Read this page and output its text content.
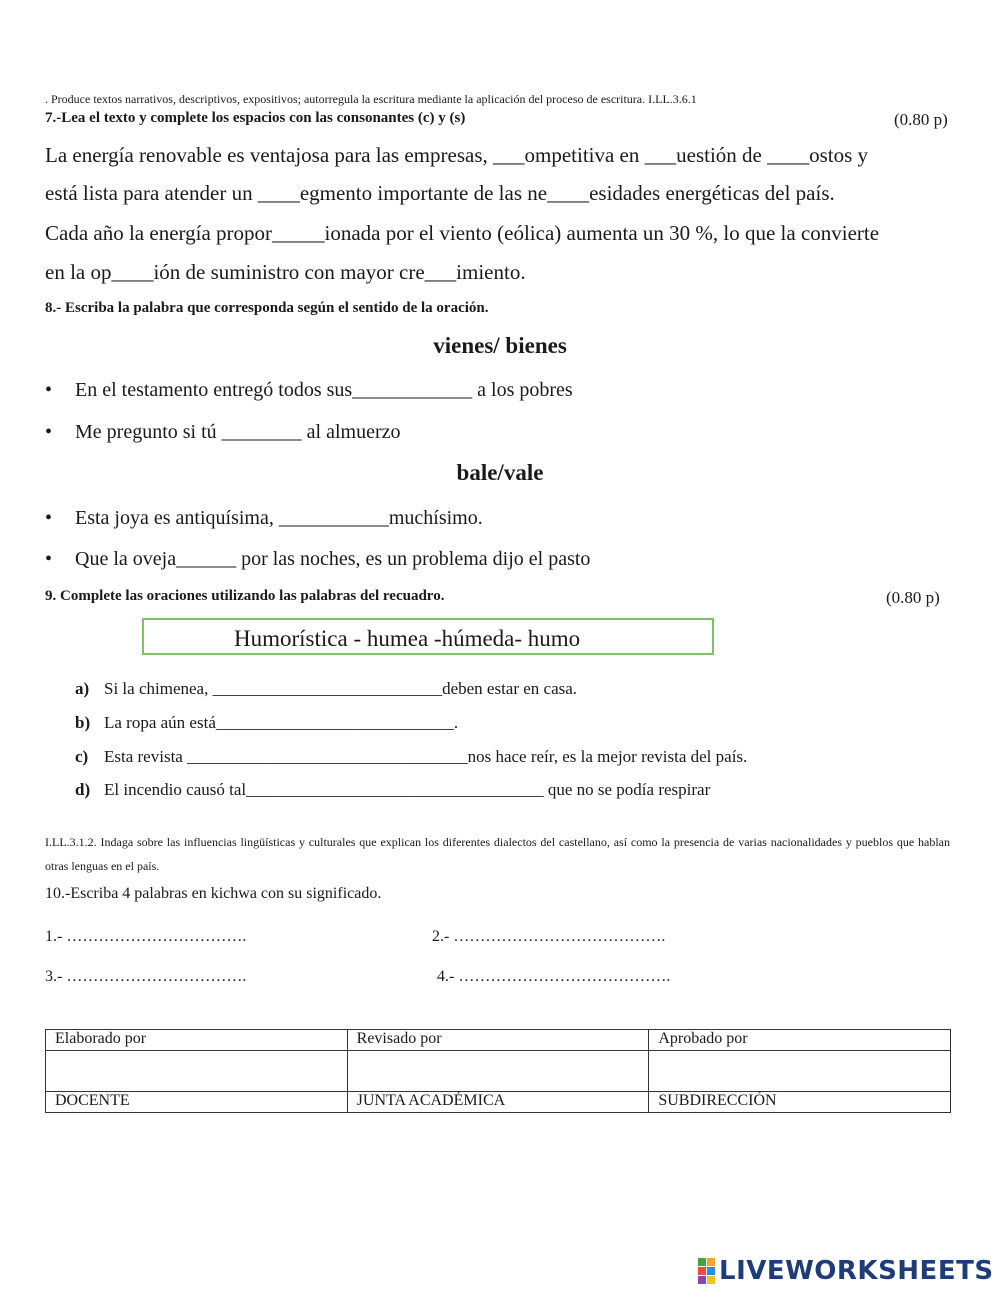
. Produce textos narrativos, descriptivos, expositivos; autorregula la escritura mediante la aplicación del proceso de escritura. I.LL.3.6.1
7.-Lea el texto y complete los espacios con las consonantes (c) y (s)	(0.80 p)
La energía renovable es ventajosa para las empresas, ___ompetitiva en ___uestión de ____ostos y
está lista para atender un ____egmento importante de las ne____esidades energéticas del país.
Cada año la energía propor_____ionada por el viento (eólica) aumenta un 30 %, lo que la convierte
en la op____ión de suministro con mayor cre___imiento.
8.- Escriba la palabra que corresponda según el sentido de la oración.
vienes/ bienes
• En el testamento entregó todos sus____________ a los pobres
• Me pregunto si tú ________ al almuerzo
bale/vale
• Esta joya es antiquísima, ___________muchísimo.
• Que la oveja______ por las noches, es un problema dijo el pasto
9. Complete las oraciones utilizando las palabras del recuadro.	(0.80 p)
Humorística - humea -húmeda- humo
a) Si la chimenea, ___________________________deben estar en casa.
b) La ropa aún está____________________________.
c) Esta revista _________________________________nos hace reír, es la mejor revista del país.
d) El incendio causó tal___________________________________ que no se podía respirar
I.LL.3.1.2. Indaga sobre las influencias lingüísticas y culturales que explican los diferentes dialectos del castellano, así como la presencia de varias nacionalidades y pueblos que hablan otras lenguas en el país.
10.-Escriba 4 palabras en kichwa con su significado.
1.- …………………………….	2.- ………………………………….
3.- …………………………….	4.- ………………………………….
Elaborado por	Revisado por	Aprobado por

DOCENTE	JUNTA ACADÉMICA	SUBDIRECCIÓN
LIVEWORKSHEETS
